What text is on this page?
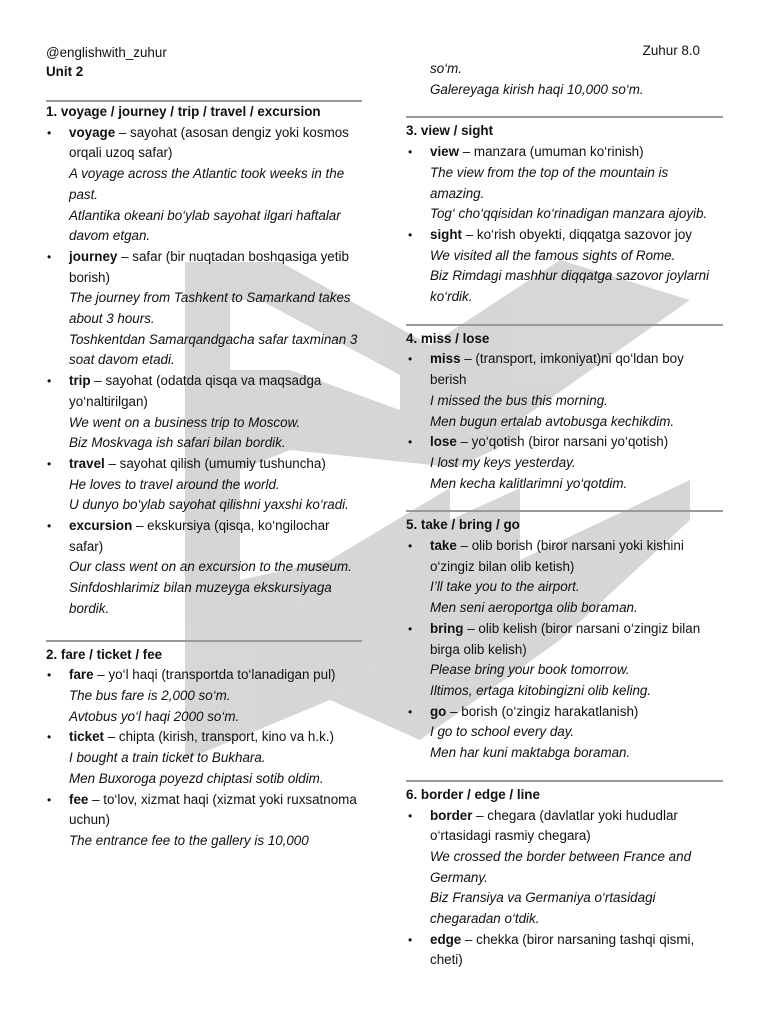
@englishwith_zuhur
Unit 2
Zuhur 8.0
1. voyage / journey / trip / travel / excursion
• voyage – sayohat (asosan dengiz yoki kosmos orqali uzoq safar)
A voyage across the Atlantic took weeks in the past.
Atlantika okeani bo‘ylab sayohat ilgari haftalar davom etgan.
• journey – safar (bir nuqtadan boshqasiga yetib borish)
The journey from Tashkent to Samarkand takes about 3 hours.
Toshkentdan Samarqandgacha safar taxminan 3 soat davom etadi.
• trip – sayohat (odatda qisqa va maqsadga yo‘naltirilgan)
We went on a business trip to Moscow.
Biz Moskvaga ish safari bilan bordik.
• travel – sayohat qilish (umumiy tushuncha)
He loves to travel around the world.
U dunyo bo‘ylab sayohat qilishni yaxshi ko‘radi.
• excursion – ekskursiya (qisqa, ko‘ngilochar safar)
Our class went on an excursion to the museum.
Sinfdoshlarimiz bilan muzeyga ekskursiyaga bordik.
2. fare / ticket / fee
• fare – yo‘l haqi (transportda to‘lanadigan pul)
The bus fare is 2,000 so‘m.
Avtobus yo‘l haqi 2000 so‘m.
• ticket – chipta (kirish, transport, kino va h.k.)
I bought a train ticket to Bukhara.
Men Buxoroga poyezd chiptasi sotib oldim.
• fee – to‘lov, xizmat haqi (xizmat yoki ruxsatnoma uchun)
The entrance fee to the gallery is 10,000
so‘m.
Galereyaga kirish haqi 10,000 so‘m.
3. view / sight
• view – manzara (umuman ko‘rinish)
The view from the top of the mountain is amazing.
Tog‘ cho‘qqisidan ko‘rinadigan manzara ajoyib.
• sight – ko‘rish obyekti, diqqatga sazovor joy
We visited all the famous sights of Rome.
Biz Rimdagi mashhur diqqatga sazovor joylarni ko‘rdik.
4. miss / lose
• miss – (transport, imkoniyat)ni qo‘ldan boy berish
I missed the bus this morning.
Men bugun ertalab avtobusga kechikdim.
• lose – yo‘qotish (biror narsani yo‘qotish)
I lost my keys yesterday.
Men kecha kalitlarimni yo‘qotdim.
5. take / bring / go
• take – olib borish (biror narsani yoki kishini o‘zingiz bilan olib ketish)
I’ll take you to the airport.
Men seni aeroportga olib boraman.
• bring – olib kelish (biror narsani o‘zingiz bilan birga olib kelish)
Please bring your book tomorrow.
Iltimos, ertaga kitobingizni olib keling.
• go – borish (o‘zingiz harakatlanish)
I go to school every day.
Men har kuni maktabga boraman.
6. border / edge / line
• border – chegara (davlatlar yoki hududlar o‘rtasidagi rasmiy chegara)
We crossed the border between France and Germany.
Biz Fransiya va Germaniya o‘rtasidagi chegaradan o‘tdik.
• edge – chekka (biror narsaning tashqi qismi, cheti)
